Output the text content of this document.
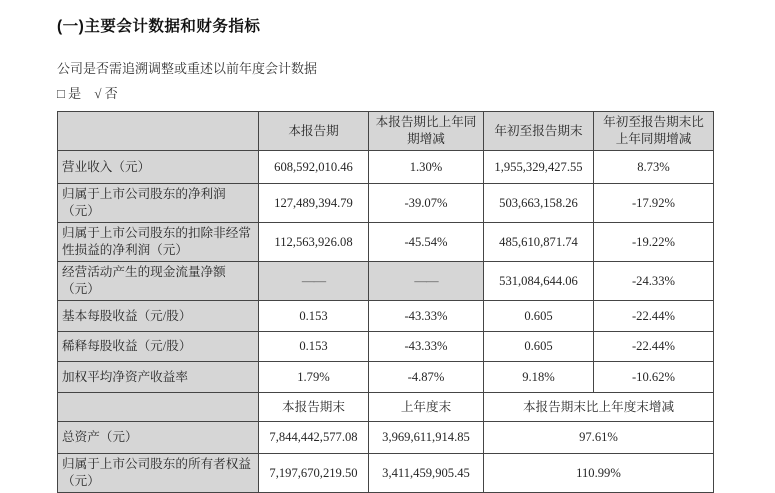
(一)主要会计数据和财务指标

公司是否需追溯调整或重述以前年度会计数据

□ 是 √ 否

	本报告期	本报告期比上年同期增减	年初至报告期末	年初至报告期末比上年同期增减
营业收入（元）	608,592,010.46	1.30%	1,955,329,427.55	8.73%
归属于上市公司股东的净利润（元）	127,489,394.79	-39.07%	503,663,158.26	-17.92%
归属于上市公司股东的扣除非经常性损益的净利润（元）	112,563,926.08	-45.54%	485,610,871.74	-19.22%
经营活动产生的现金流量净额（元）	——	——	531,084,644.06	-24.33%
基本每股收益（元/股）	0.153	-43.33%	0.605	-22.44%
稀释每股收益（元/股）	0.153	-43.33%	0.605	-22.44%
加权平均净资产收益率	1.79%	-4.87%	9.18%	-10.62%
	本报告期末	上年度末	本报告期末比上年度末增减	
总资产（元）	7,844,442,577.08	3,969,611,914.85	97.61%	
归属于上市公司股东的所有者权益（元）	7,197,670,219.50	3,411,459,905.45	110.99%	
